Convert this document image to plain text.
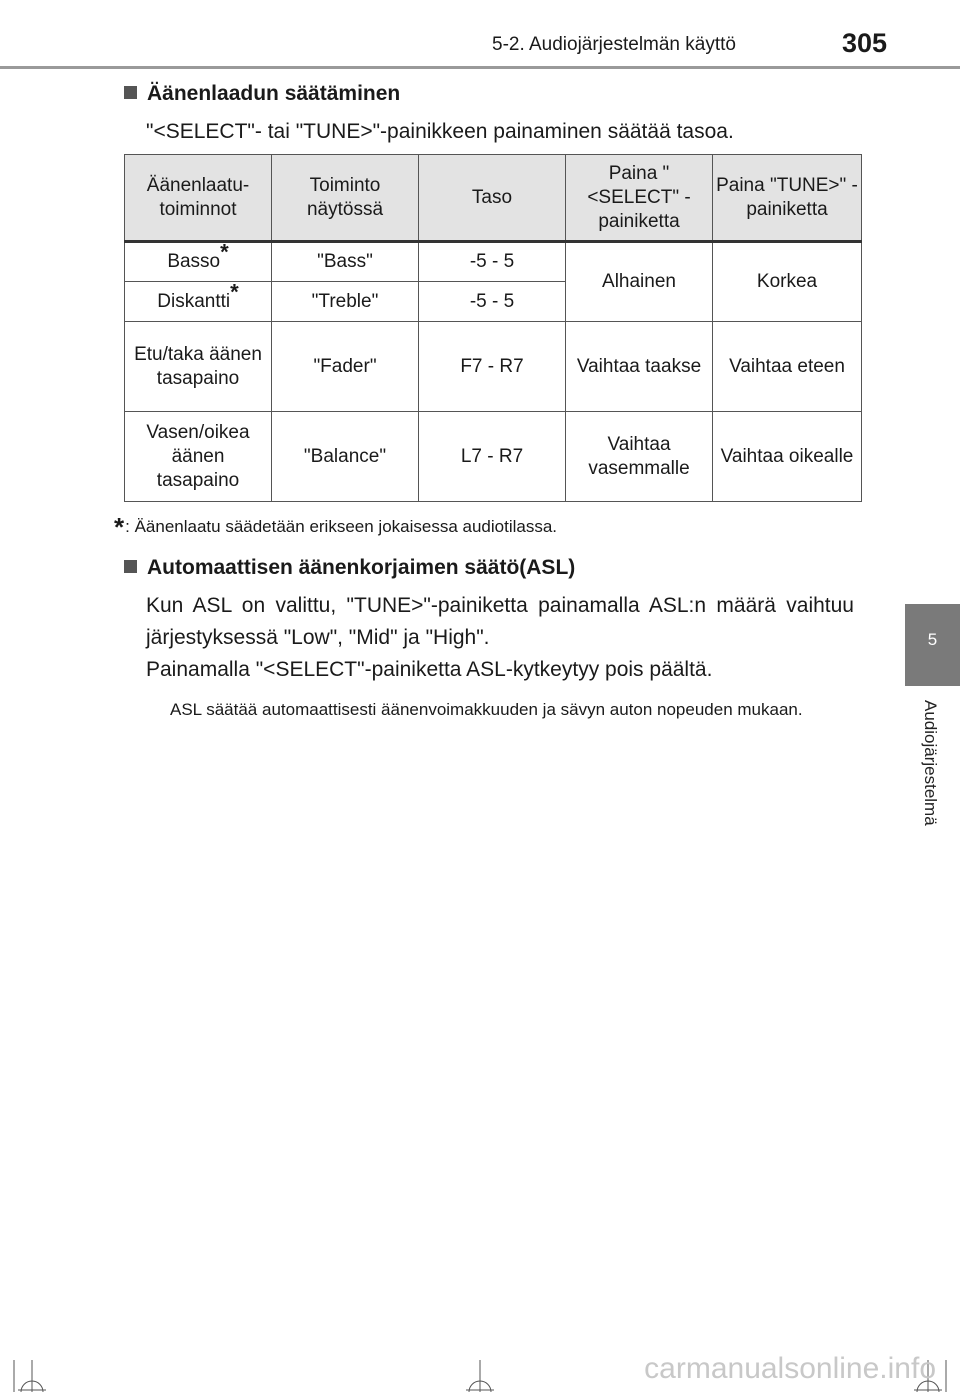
5-2. Audiojärjestelmän käyttö	305
5
Audiojärjestelmä
Äänenlaadun säätäminen
"<SELECT"- tai "TUNE>"-painikkeen painaminen säätää tasoa.
Äänenlaatu-toiminnot	Toiminto näytössä	Taso	Paina "<SELECT" -painiketta	Paina "TUNE>" -painiketta
Basso*	"Bass"	-5 - 5	Alhainen	Korkea
Diskantti*	"Treble"	-5 - 5		
Etu/taka äänen tasapaino	"Fader"	F7 - R7	Vaihtaa taakse	Vaihtaa eteen
Vasen/oikea äänen tasapaino	"Balance"	L7 - R7	Vaihtaa vasemmalle	Vaihtaa oikealle
*: Äänenlaatu säädetään erikseen jokaisessa audiotilassa.
Automaattisen äänenkorjaimen säätö(ASL)
Kun ASL on valittu, "TUNE>"-painiketta painamalla ASL:n määrä vaihtuu järjestyksessä "Low", "Mid" ja "High".
Painamalla "<SELECT"-painiketta ASL-kytkeytyy pois päältä.
ASL säätää automaattisesti äänenvoimakkuuden ja sävyn auton nopeuden mukaan.
carmanualsonline.info
